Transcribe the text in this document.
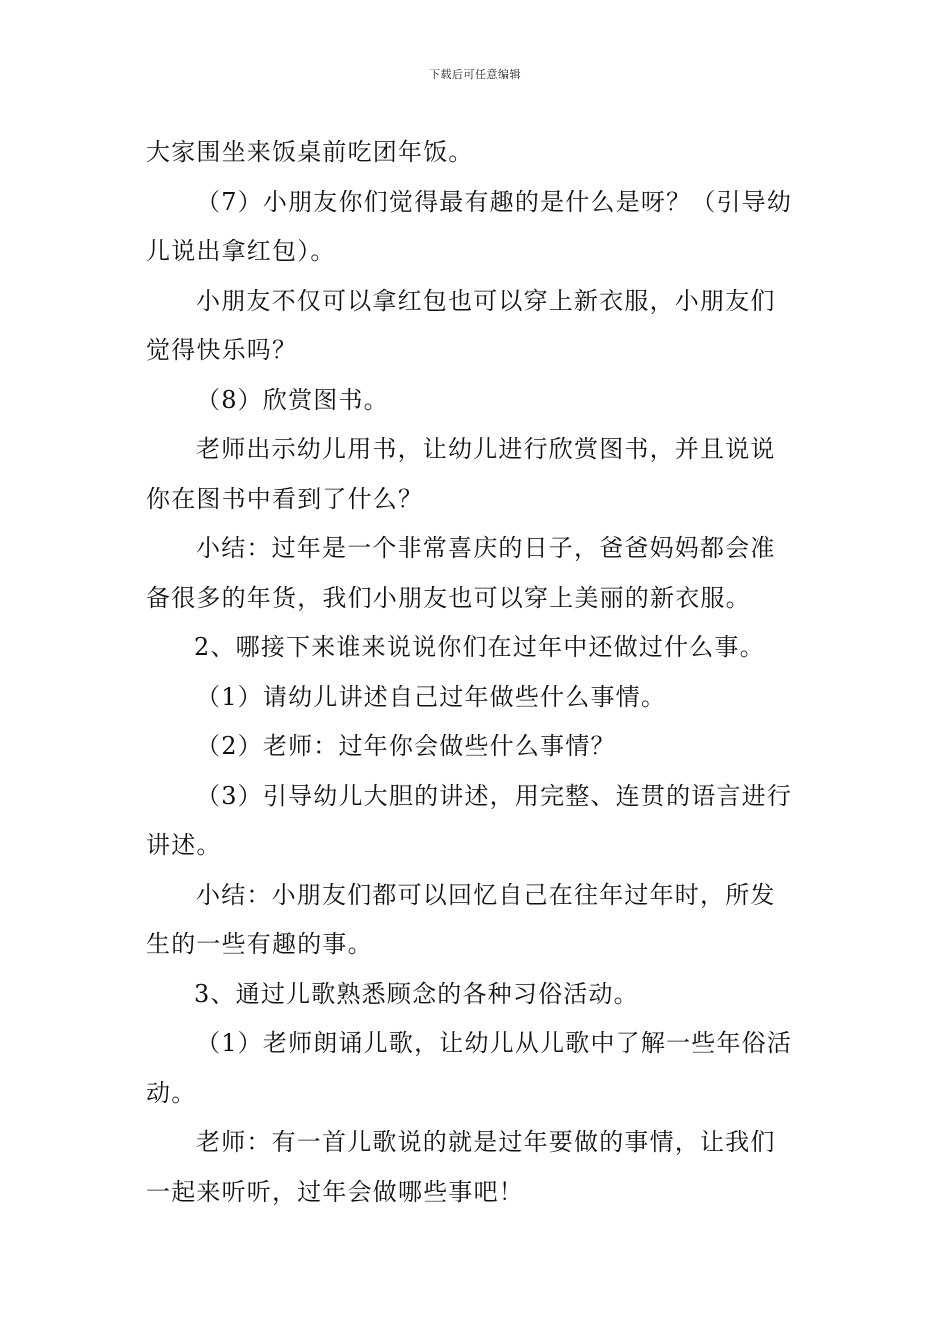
下载后可任意编辑
大家围坐来饭桌前吃团年饭。
（7）小朋友你们觉得最有趣的是什么是呀？（引导幼
儿说出拿红包）。
小朋友不仅可以拿红包也可以穿上新衣服，小朋友们
觉得快乐吗？
（8）欣赏图书。
老师出示幼儿用书，让幼儿进行欣赏图书，并且说说
你在图书中看到了什么？
小结：过年是一个非常喜庆的日子，爸爸妈妈都会准
备很多的年货，我们小朋友也可以穿上美丽的新衣服。
2、哪接下来谁来说说你们在过年中还做过什么事。
（1）请幼儿讲述自己过年做些什么事情。
（2）老师：过年你会做些什么事情？
（3）引导幼儿大胆的讲述，用完整、连贯的语言进行
讲述。
小结：小朋友们都可以回忆自己在往年过年时，所发
生的一些有趣的事。
3、通过儿歌熟悉顾念的各种习俗活动。
（1）老师朗诵儿歌，让幼儿从儿歌中了解一些年俗活
动。
老师：有一首儿歌说的就是过年要做的事情，让我们
一起来听听，过年会做哪些事吧！
